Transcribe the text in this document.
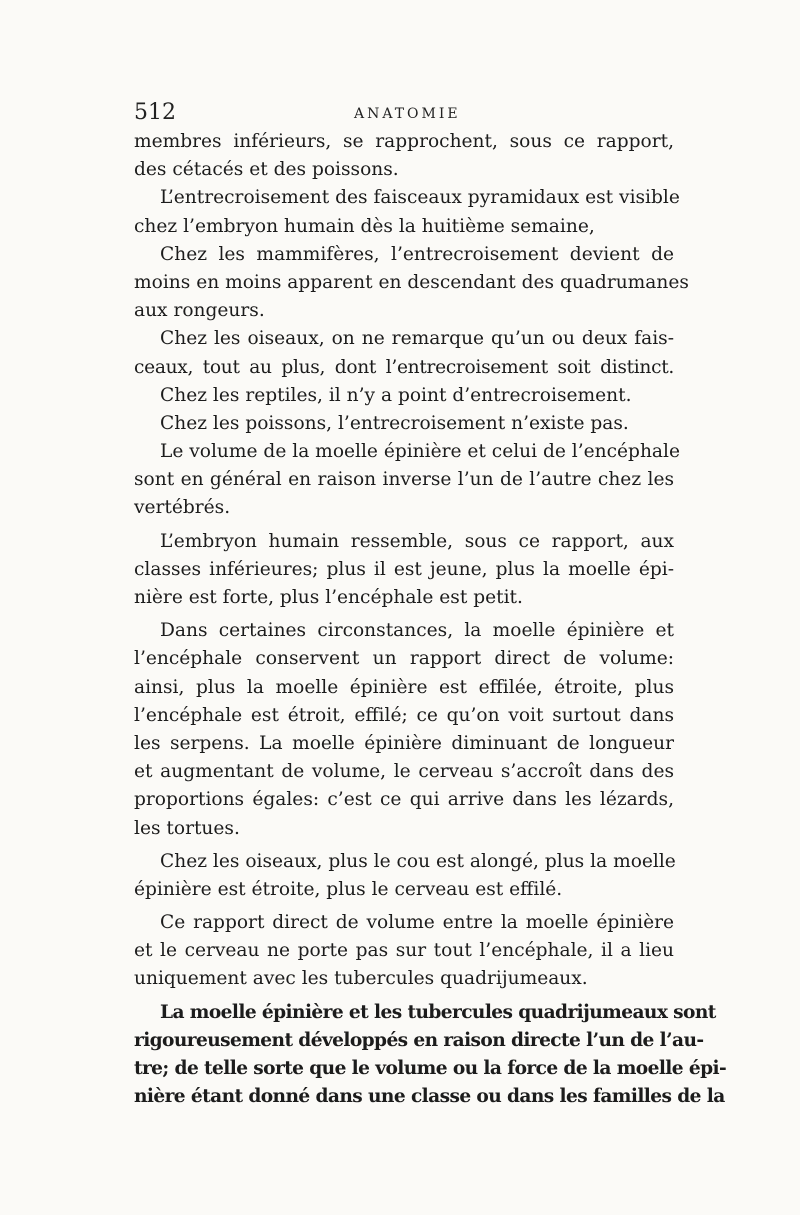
512	ANATOMIE
membres inférieurs, se rapprochent, sous ce rapport,
des cétacés et des poissons.
L’entrecroisement des faisceaux pyramidaux est visible
chez l’embryon humain dès la huitième semaine,
Chez les mammifères, l’entrecroisement devient de
moins en moins apparent en descendant des quadrumanes
aux rongeurs.
Chez les oiseaux, on ne remarque qu’un ou deux fais-
ceaux, tout au plus, dont l’entrecroisement soit distinct.
Chez les reptiles, il n’y a point d’entrecroisement.
Chez les poissons, l’entrecroisement n’existe pas.
Le volume de la moelle épinière et celui de l’encéphale
sont en général en raison inverse l’un de l’autre chez les
vertébrés.
L’embryon humain ressemble, sous ce rapport, aux
classes inférieures; plus il est jeune, plus la moelle épi-
nière est forte, plus l’encéphale est petit.
Dans certaines circonstances, la moelle épinière et
l’encéphale conservent un rapport direct de volume:
ainsi, plus la moelle épinière est effilée, étroite, plus
l’encéphale est étroit, effilé; ce qu’on voit surtout dans
les serpens. La moelle épinière diminuant de longueur
et augmentant de volume, le cerveau s’accroît dans des
proportions égales: c’est ce qui arrive dans les lézards,
les tortues.
Chez les oiseaux, plus le cou est alongé, plus la moelle
épinière est étroite, plus le cerveau est effilé.
Ce rapport direct de volume entre la moelle épinière
et le cerveau ne porte pas sur tout l’encéphale, il a lieu
uniquement avec les tubercules quadrijumeaux.
La moelle épinière et les tubercules quadrijumeaux sont
rigoureusement développés en raison directe l’un de l’au-
tre; de telle sorte que le volume ou la force de la moelle épi-
nière étant donné dans une classe ou dans les familles de la
